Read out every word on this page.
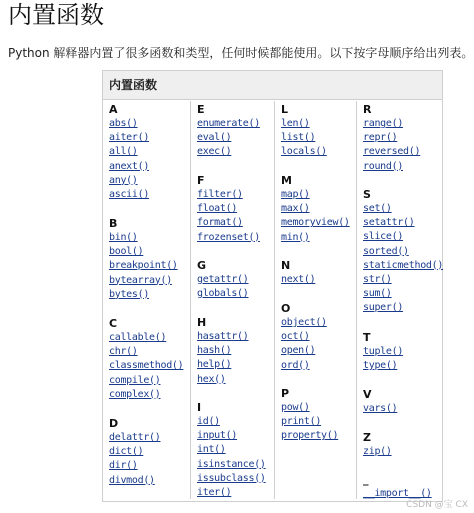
内置函数
Python 解释器内置了很多函数和类型，任何时候都能使用。以下按字母顺序给出列表。
内置函数
A
abs()
aiter()
all()
anext()
any()
ascii()
B
bin()
bool()
breakpoint()
bytearray()
bytes()
C
callable()
chr()
classmethod()
compile()
complex()
D
delattr()
dict()
dir()
divmod()
E
enumerate()
eval()
exec()
F
filter()
float()
format()
frozenset()
G
getattr()
globals()
H
hasattr()
hash()
help()
hex()
I
id()
input()
int()
isinstance()
issubclass()
iter()
L
len()
list()
locals()
M
map()
max()
memoryview()
min()
N
next()
O
object()
oct()
open()
ord()
P
pow()
print()
property()
R
range()
repr()
reversed()
round()
S
set()
setattr()
slice()
sorted()
staticmethod()
str()
sum()
super()
T
tuple()
type()
V
vars()
Z
zip()
_
__import__()
CSDN @宝 CX
